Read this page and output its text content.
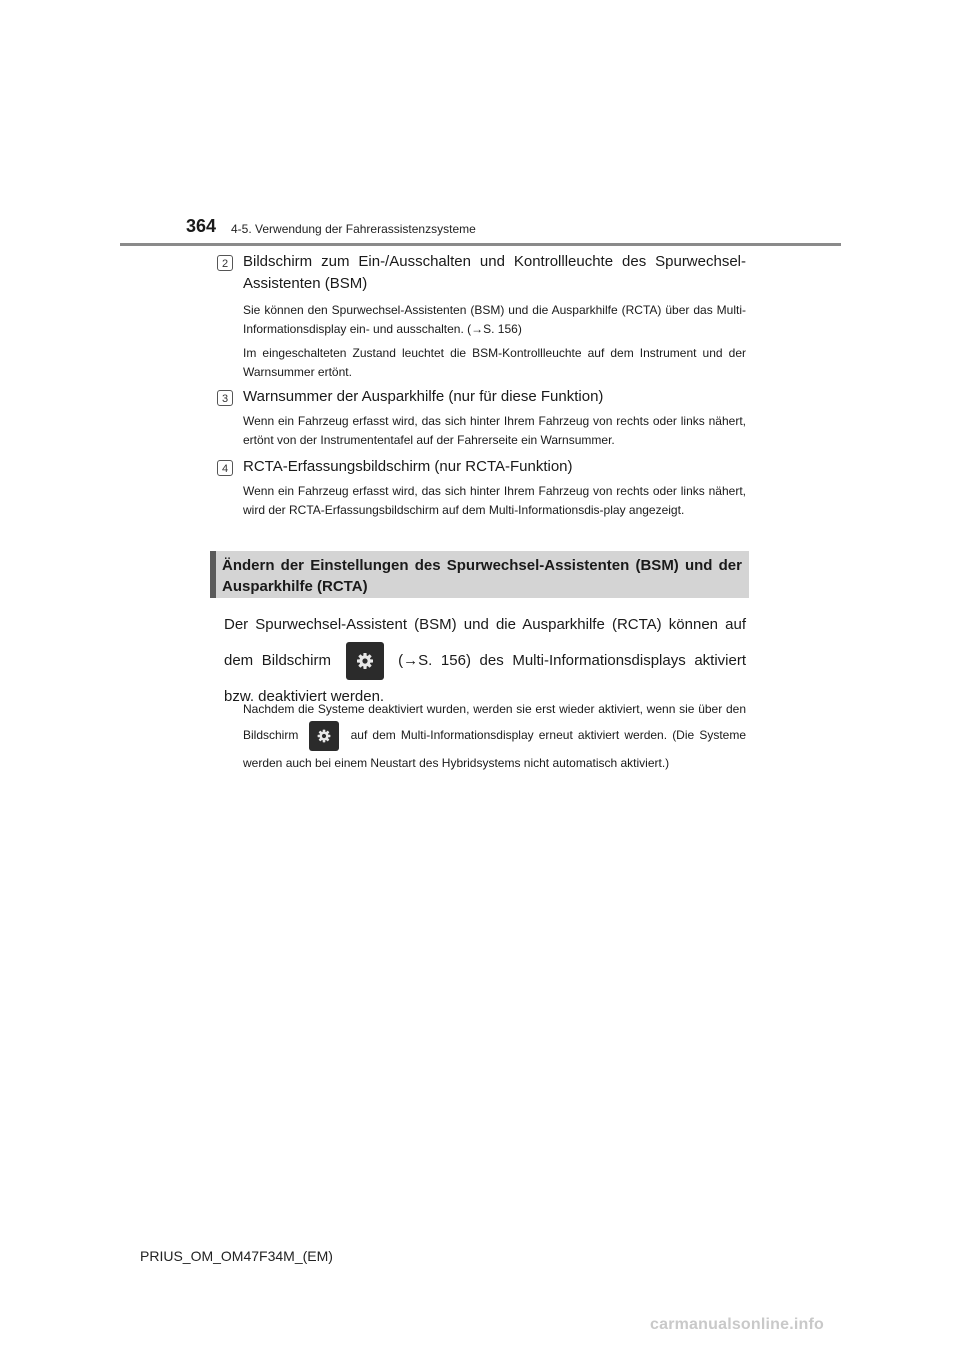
364 4-5. Verwendung der Fahrerassistenzsysteme
2 Bildschirm zum Ein-/Ausschalten und Kontrollleuchte des Spurwechsel-Assistenten (BSM)

Sie können den Spurwechsel-Assistenten (BSM) und die Ausparkhilfe (RCTA) über das Multi-Informationsdisplay ein- und ausschalten. (→S. 156)

Im eingeschalteten Zustand leuchtet die BSM-Kontrollleuchte auf dem Instrument und der Warnsummer ertönt.

3 Warnsummer der Ausparkhilfe (nur für diese Funktion)

Wenn ein Fahrzeug erfasst wird, das sich hinter Ihrem Fahrzeug von rechts oder links nähert, ertönt von der Instrumententafel auf der Fahrerseite ein Warnsummer.

4 RCTA-Erfassungsbildschirm (nur RCTA-Funktion)

Wenn ein Fahrzeug erfasst wird, das sich hinter Ihrem Fahrzeug von rechts oder links nähert, wird der RCTA-Erfassungsbildschirm auf dem Multi-Informationsdis-play angezeigt.

Ändern der Einstellungen des Spurwechsel-Assistenten (BSM) und der Ausparkhilfe (RCTA)
Der Spurwechsel-Assistent (BSM) und die Ausparkhilfe (RCTA) können auf dem Bildschirm	(→S. 156) des Multi-Informationsdisplays aktiviert bzw. deaktiviert werden.
Nachdem die Systeme deaktiviert wurden, werden sie erst wieder aktiviert, wenn sie über den Bildschirm	auf dem Multi-Informationsdisplay erneut aktiviert werden. (Die Systeme werden auch bei einem Neustart des Hybridsystems nicht automatisch aktiviert.)
PRIUS_OM_OM47F34M_(EM)
carmanualsonline.info
